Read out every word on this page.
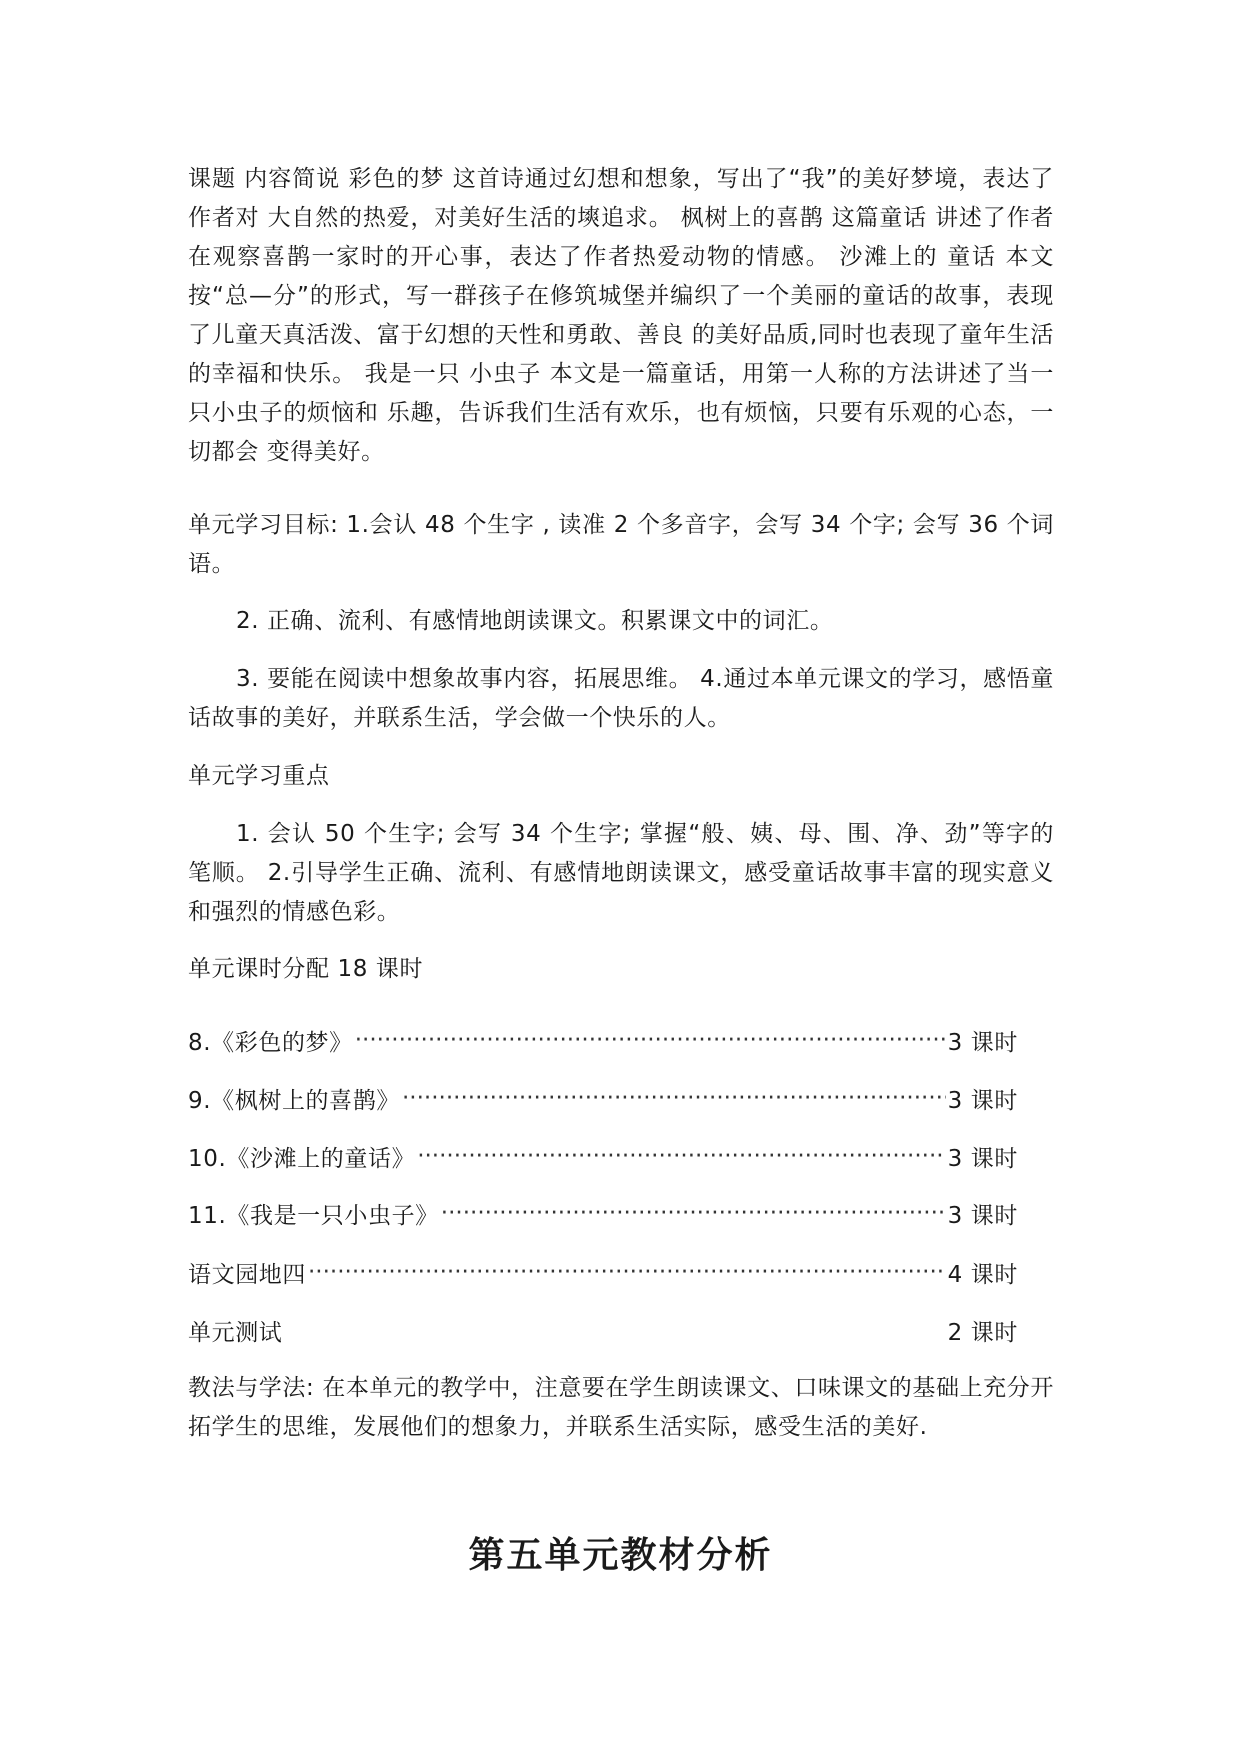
课题 内容简说 彩色的梦 这首诗通过幻想和想象，写出了“我”的美好梦境，表达了作者对 大自然的热爱，对美好生活的塽追求。 枫树上的喜鹊 这篇童话 讲述了作者在观察喜鹊一家时的开心事，表达了作者热爱动物的情感。 沙滩上的 童话 本文按“总—分”的形式，写一群孩子在修筑城堡并编织了一个美丽的童话的故事，表现了儿童天真活泼、富于幻想的天性和勇敢、善良 的美好品质,同时也表现了童年生活的幸福和快乐。 我是一只 小虫子 本文是一篇童话，用第一人称的方法讲述了当一只小虫子的烦恼和 乐趣，告诉我们生活有欢乐，也有烦恼，只要有乐观的心态，一切都会 变得美好。

单元学习目标: 1.会认 48 个生字 , 读准 2 个多音字，会写 34 个字; 会写 36 个词语。

2. 正确、流利、有感情地朗读课文。积累课文中的词汇。

3. 要能在阅读中想象故事内容，拓展思维。 4.通过本单元课文的学习，感悟童话故事的美好，并联系生活，学会做一个快乐的人。

单元学习重点

1. 会认 50 个生字; 会写 34 个生字; 掌握“般、姨、母、围、净、劲”等字的笔顺。 2.引导学生正确、流利、有感情地朗读课文，感受童话故事丰富的现实意义和强烈的情感色彩。

单元课时分配 18 课时

8.《彩色的梦》 ·····	3 课时
9.《枫树上的喜鹊》 ·····	3 课时
10.《沙滩上的童话》 ·····	3 课时
11.《我是一只小虫子》 ·····	3 课时
语文园地四 ·····	4 课时
单元测试	2 课时

教法与学法: 在本单元的教学中，注意要在学生朗读课文、口味课文的基础上充分开拓学生的思维，发展他们的想象力，并联系生活实际，感受生活的美好.

第五单元教材分析
